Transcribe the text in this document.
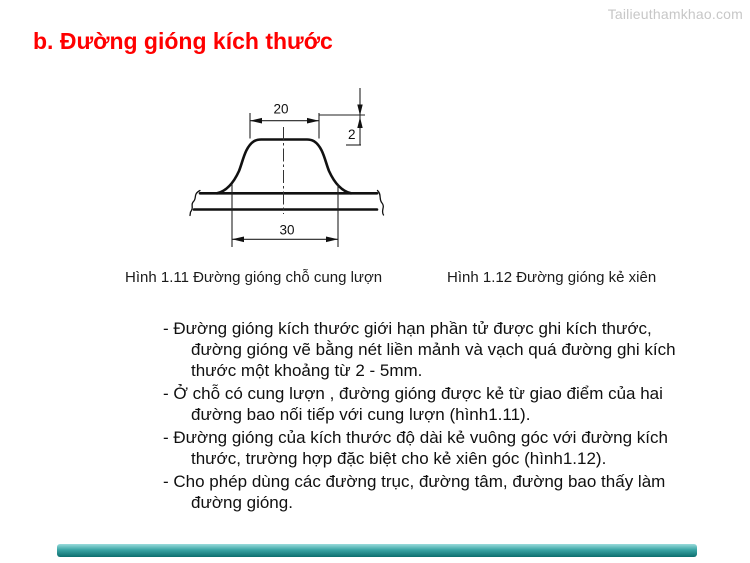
Tailieuthamkhao.com
b. Đường gióng kích thước
20
2
30
Hình 1.11 Đường gióng chỗ cung lượn	Hình 1.12 Đường gióng kẻ xiên

- Đường gióng kích thước giới hạn phần tử được ghi kích thước, đường gióng vẽ bằng nét liền mảnh và vạch quá đường ghi kích thước một khoảng từ 2 - 5mm.

- Ở chỗ có cung lượn , đường gióng được kẻ từ giao điểm của hai đường bao nối tiếp với cung lượn (hình1.11).

- Đường gióng của kích thước độ dài kẻ vuông góc với đường kích thước, trường hợp đặc biệt cho kẻ xiên góc (hình1.12).

- Cho phép dùng các đường trục, đường tâm, đường bao thấy làm đường gióng.
